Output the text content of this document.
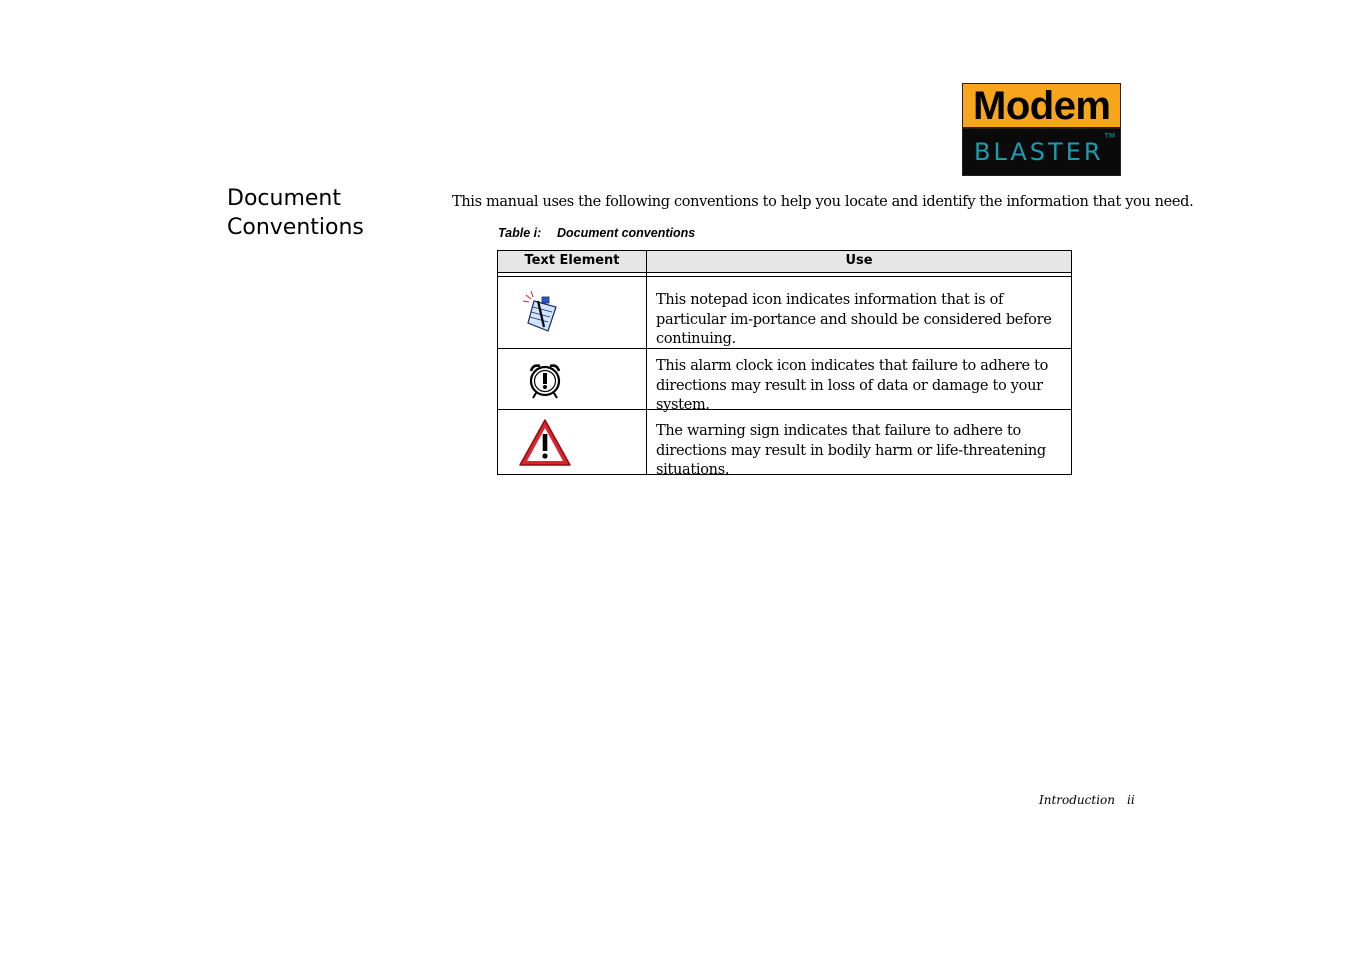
Modem
BLASTER
TM
Document Conventions
This manual uses the following conventions to help you locate and identify the information that you need.
Table i: Document conventions
Text Element	Use
This notepad icon indicates information that is of particular im-portance and should be considered before continuing.
This alarm clock icon indicates that failure to adhere to directions may result in loss of data or damage to your system.
The warning sign indicates that failure to adhere to directions may result in bodily harm or life-threatening situations.
Introduction ii
